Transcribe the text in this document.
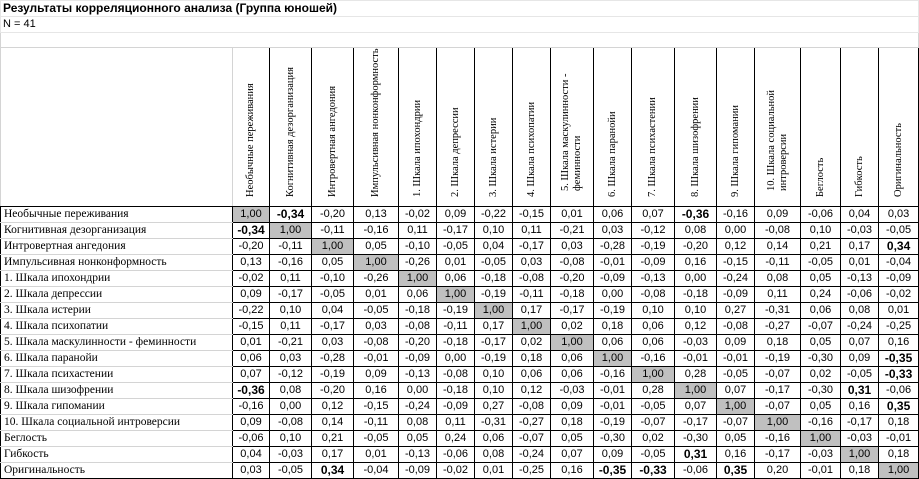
Результаты корреляционного анализа (Группа юношей)																	
N = 41																	

	Необычные переживания	Когнитивная дезорганизация	Интровертная ангедония	Импульсивная нонконформность	1. Шкала ипохондрии	2. Шкала депрессии	3. Шкала истерии	4. Шкала психопатии	5. Шкала маскулинности - феминности	6. Шкала паранойи	7. Шкала психастении	8. Шкала шизофрении	9. Шкала гипомании	10. Шкала социальной интроверсии	Беглость	Гибкость	Оригинальность

Необычные переживания	1,00	-0,34	-0,20	0,13	-0,02	0,09	-0,22	-0,15	0,01	0,06	0,07	-0,36	-0,16	0,09	-0,06	0,04	0,03
Когнитивная дезорганизация	-0,34	1,00	-0,11	-0,16	0,11	-0,17	0,10	0,11	-0,21	0,03	-0,12	0,08	0,00	-0,08	0,10	-0,03	-0,05
Интровертная ангедония	-0,20	-0,11	1,00	0,05	-0,10	-0,05	0,04	-0,17	0,03	-0,28	-0,19	-0,20	0,12	0,14	0,21	0,17	0,34
Импульсивная нонконформность	0,13	-0,16	0,05	1,00	-0,26	0,01	-0,05	0,03	-0,08	-0,01	-0,09	0,16	-0,15	-0,11	-0,05	0,01	-0,04
1. Шкала ипохондрии	-0,02	0,11	-0,10	-0,26	1,00	0,06	-0,18	-0,08	-0,20	-0,09	-0,13	0,00	-0,24	0,08	0,05	-0,13	-0,09
2. Шкала депрессии	0,09	-0,17	-0,05	0,01	0,06	1,00	-0,19	-0,11	-0,18	0,00	-0,08	-0,18	-0,09	0,11	0,24	-0,06	-0,02
3. Шкала истерии	-0,22	0,10	0,04	-0,05	-0,18	-0,19	1,00	0,17	-0,17	-0,19	0,10	0,10	0,27	-0,31	0,06	0,08	0,01
4. Шкала психопатии	-0,15	0,11	-0,17	0,03	-0,08	-0,11	0,17	1,00	0,02	0,18	0,06	0,12	-0,08	-0,27	-0,07	-0,24	-0,25
5. Шкала маскулинности - феминности	0,01	-0,21	0,03	-0,08	-0,20	-0,18	-0,17	0,02	1,00	0,06	0,06	-0,03	0,09	0,18	0,05	0,07	0,16
6. Шкала паранойи	0,06	0,03	-0,28	-0,01	-0,09	0,00	-0,19	0,18	0,06	1,00	-0,16	-0,01	-0,01	-0,19	-0,30	0,09	-0,35
7. Шкала психастении	0,07	-0,12	-0,19	0,09	-0,13	-0,08	0,10	0,06	0,06	-0,16	1,00	0,28	-0,05	-0,07	0,02	-0,05	-0,33
8. Шкала шизофрении	-0,36	0,08	-0,20	0,16	0,00	-0,18	0,10	0,12	-0,03	-0,01	0,28	1,00	0,07	-0,17	-0,30	0,31	-0,06
9. Шкала гипомании	-0,16	0,00	0,12	-0,15	-0,24	-0,09	0,27	-0,08	0,09	-0,01	-0,05	0,07	1,00	-0,07	0,05	0,16	0,35
10. Шкала социальной интроверсии	0,09	-0,08	0,14	-0,11	0,08	0,11	-0,31	-0,27	0,18	-0,19	-0,07	-0,17	-0,07	1,00	-0,16	-0,17	0,18
Беглость	-0,06	0,10	0,21	-0,05	0,05	0,24	0,06	-0,07	0,05	-0,30	0,02	-0,30	0,05	-0,16	1,00	-0,03	-0,01
Гибкость	0,04	-0,03	0,17	0,01	-0,13	-0,06	0,08	-0,24	0,07	0,09	-0,05	0,31	0,16	-0,17	-0,03	1,00	0,18
Оригинальность	0,03	-0,05	0,34	-0,04	-0,09	-0,02	0,01	-0,25	0,16	-0,35	-0,33	-0,06	0,35	0,20	-0,01	0,18	1,00
